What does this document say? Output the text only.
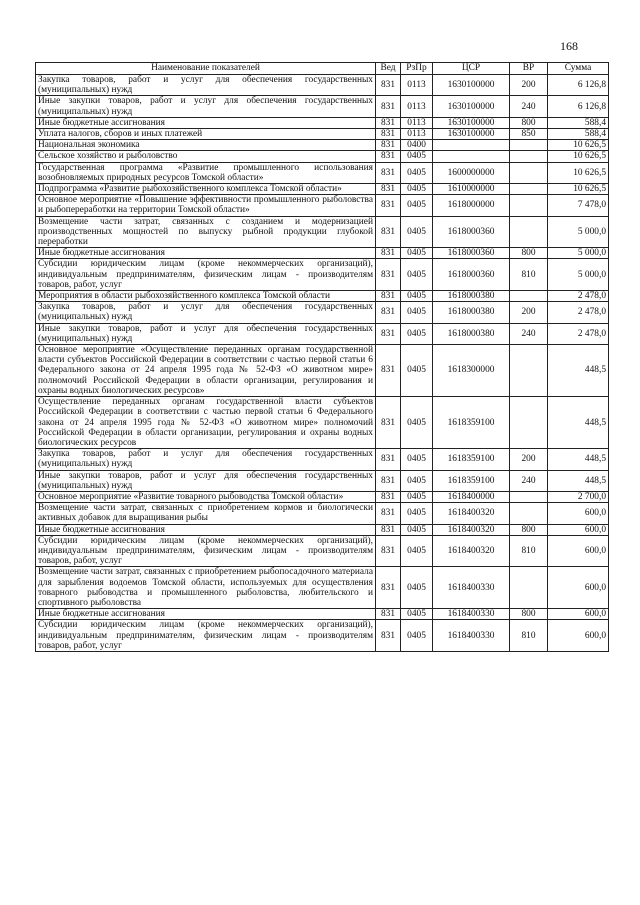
168
Наименование показателей	Вед	РзПр	ЦСР	ВР	Сумма
Закупка товаров, работ и услуг для обеспечения государственных (муниципальных) нужд	831	0113	1630100000	200	6 126,8
Иные закупки товаров, работ и услуг для обеспечения государственных (муниципальных) нужд	831	0113	1630100000	240	6 126,8
Иные бюджетные ассигнования	831	0113	1630100000	800	588,4
Уплата налогов, сборов и иных платежей	831	0113	1630100000	850	588,4
Национальная экономика	831	0400			10 626,5
Сельское хозяйство и рыболовство	831	0405			10 626,5
Государственная программа «Развитие промышленного использования возобновляемых природных ресурсов Томской области»	831	0405	1600000000		10 626,5
Подпрограмма «Развитие рыбохозяйственного комплекса Томской области»	831	0405	1610000000		10 626,5
Основное мероприятие «Повышение эффективности промышленного рыболовства и рыбопереработки на территории Томской области»	831	0405	1618000000		7 478,0
Возмещение части затрат, связанных с созданием и модернизацией производственных мощностей по выпуску рыбной продукции глубокой переработки	831	0405	1618000360		5 000,0
Иные бюджетные ассигнования	831	0405	1618000360	800	5 000,0
Субсидии юридическим лицам (кроме некоммерческих организаций), индивидуальным предпринимателям, физическим лицам - производителям товаров, работ, услуг	831	0405	1618000360	810	5 000,0
Мероприятия в области рыбохозяйственного комплекса Томской области	831	0405	1618000380		2 478,0
Закупка товаров, работ и услуг для обеспечения государственных (муниципальных) нужд	831	0405	1618000380	200	2 478,0
Иные закупки товаров, работ и услуг для обеспечения государственных (муниципальных) нужд	831	0405	1618000380	240	2 478,0
Основное мероприятие «Осуществление переданных органам государственной власти субъектов Российской Федерации в соответствии с частью первой статьи 6 Федерального закона от 24 апреля 1995 года № 52-ФЗ «О животном мире» полномочий Российской Федерации в области организации, регулирования и охраны водных биологических ресурсов»	831	0405	1618300000		448,5
Осуществление переданных органам государственной власти субъектов Российской Федерации в соответствии с частью первой статьи 6 Федерального закона от 24 апреля 1995 года № 52-ФЗ «О животном мире» полномочий Российской Федерации в области организации, регулирования и охраны водных биологических ресурсов	831	0405	1618359100		448,5
Закупка товаров, работ и услуг для обеспечения государственных (муниципальных) нужд	831	0405	1618359100	200	448,5
Иные закупки товаров, работ и услуг для обеспечения государственных (муниципальных) нужд	831	0405	1618359100	240	448,5
Основное мероприятие «Развитие товарного рыбоводства Томской области»	831	0405	1618400000		2 700,0
Возмещение части затрат, связанных с приобретением кормов и биологически активных добавок для выращивания рыбы	831	0405	1618400320		600,0
Иные бюджетные ассигнования	831	0405	1618400320	800	600,0
Субсидии юридическим лицам (кроме некоммерческих организаций), индивидуальным предпринимателям, физическим лицам - производителям товаров, работ, услуг	831	0405	1618400320	810	600,0
Возмещение части затрат, связанных с приобретением рыбопосадочного материала для зарыбления водоемов Томской области, используемых для осуществления товарного рыбоводства и промышленного рыболовства, любительского и спортивного рыболовства	831	0405	1618400330		600,0
Иные бюджетные ассигнования	831	0405	1618400330	800	600,0
Субсидии юридическим лицам (кроме некоммерческих организаций), индивидуальным предпринимателям, физическим лицам - производителям товаров, работ, услуг	831	0405	1618400330	810	600,0
